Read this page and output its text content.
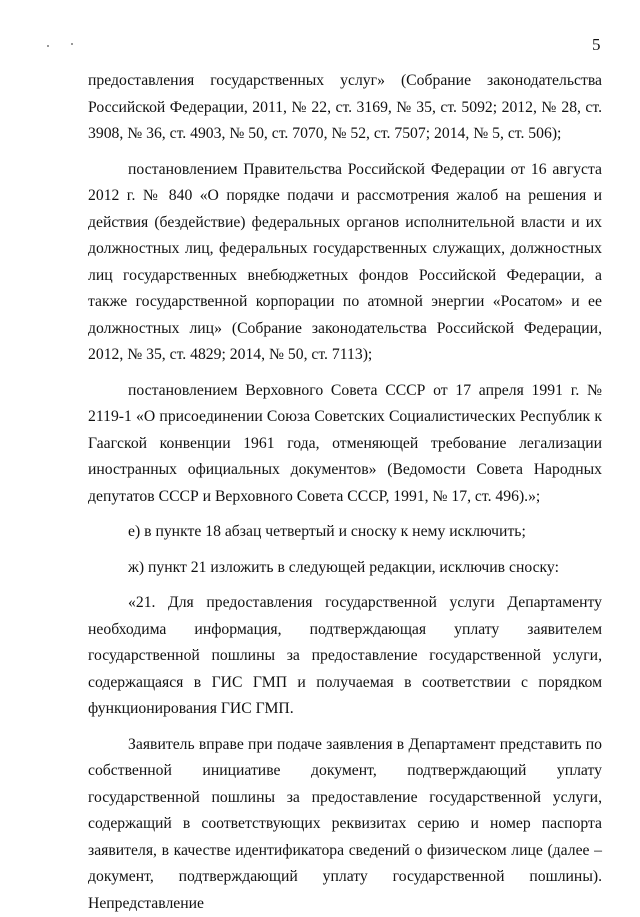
5

предоставления государственных услуг» (Собрание законодательства Российской Федерации, 2011, № 22, ст. 3169, № 35, ст. 5092; 2012, № 28, ст. 3908, № 36, ст. 4903, № 50, ст. 7070, № 52, ст. 7507; 2014, № 5, ст. 506);

постановлением Правительства Российской Федерации от 16 августа 2012 г. № 840 «О порядке подачи и рассмотрения жалоб на решения и действия (бездействие) федеральных органов исполнительной власти и их должностных лиц, федеральных государственных служащих, должностных лиц государственных внебюджетных фондов Российской Федерации, а также государственной корпорации по атомной энергии «Росатом» и ее должностных лиц» (Собрание законодательства Российской Федерации, 2012, № 35, ст. 4829; 2014, № 50, ст. 7113);

постановлением Верховного Совета СССР от 17 апреля 1991 г. № 2119-1 «О присоединении Союза Советских Социалистических Республик к Гаагской конвенции 1961 года, отменяющей требование легализации иностранных официальных документов» (Ведомости Совета Народных депутатов СССР и Верховного Совета СССР, 1991, № 17, ст. 496).»;

е) в пункте 18 абзац четвертый и сноску к нему исключить;

ж) пункт 21 изложить в следующей редакции, исключив сноску:

«21. Для предоставления государственной услуги Департаменту необходима информация, подтверждающая уплату заявителем государственной пошлины за предоставление государственной услуги, содержащаяся в ГИС ГМП и получаемая в соответствии с порядком функционирования ГИС ГМП.

Заявитель вправе при подаче заявления в Департамент представить по собственной инициативе документ, подтверждающий уплату государственной пошлины за предоставление государственной услуги, содержащий в соответствующих реквизитах серию и номер паспорта заявителя, в качестве идентификатора сведений о физическом лице (далее – документ, подтверждающий уплату государственной пошлины). Непредставление
